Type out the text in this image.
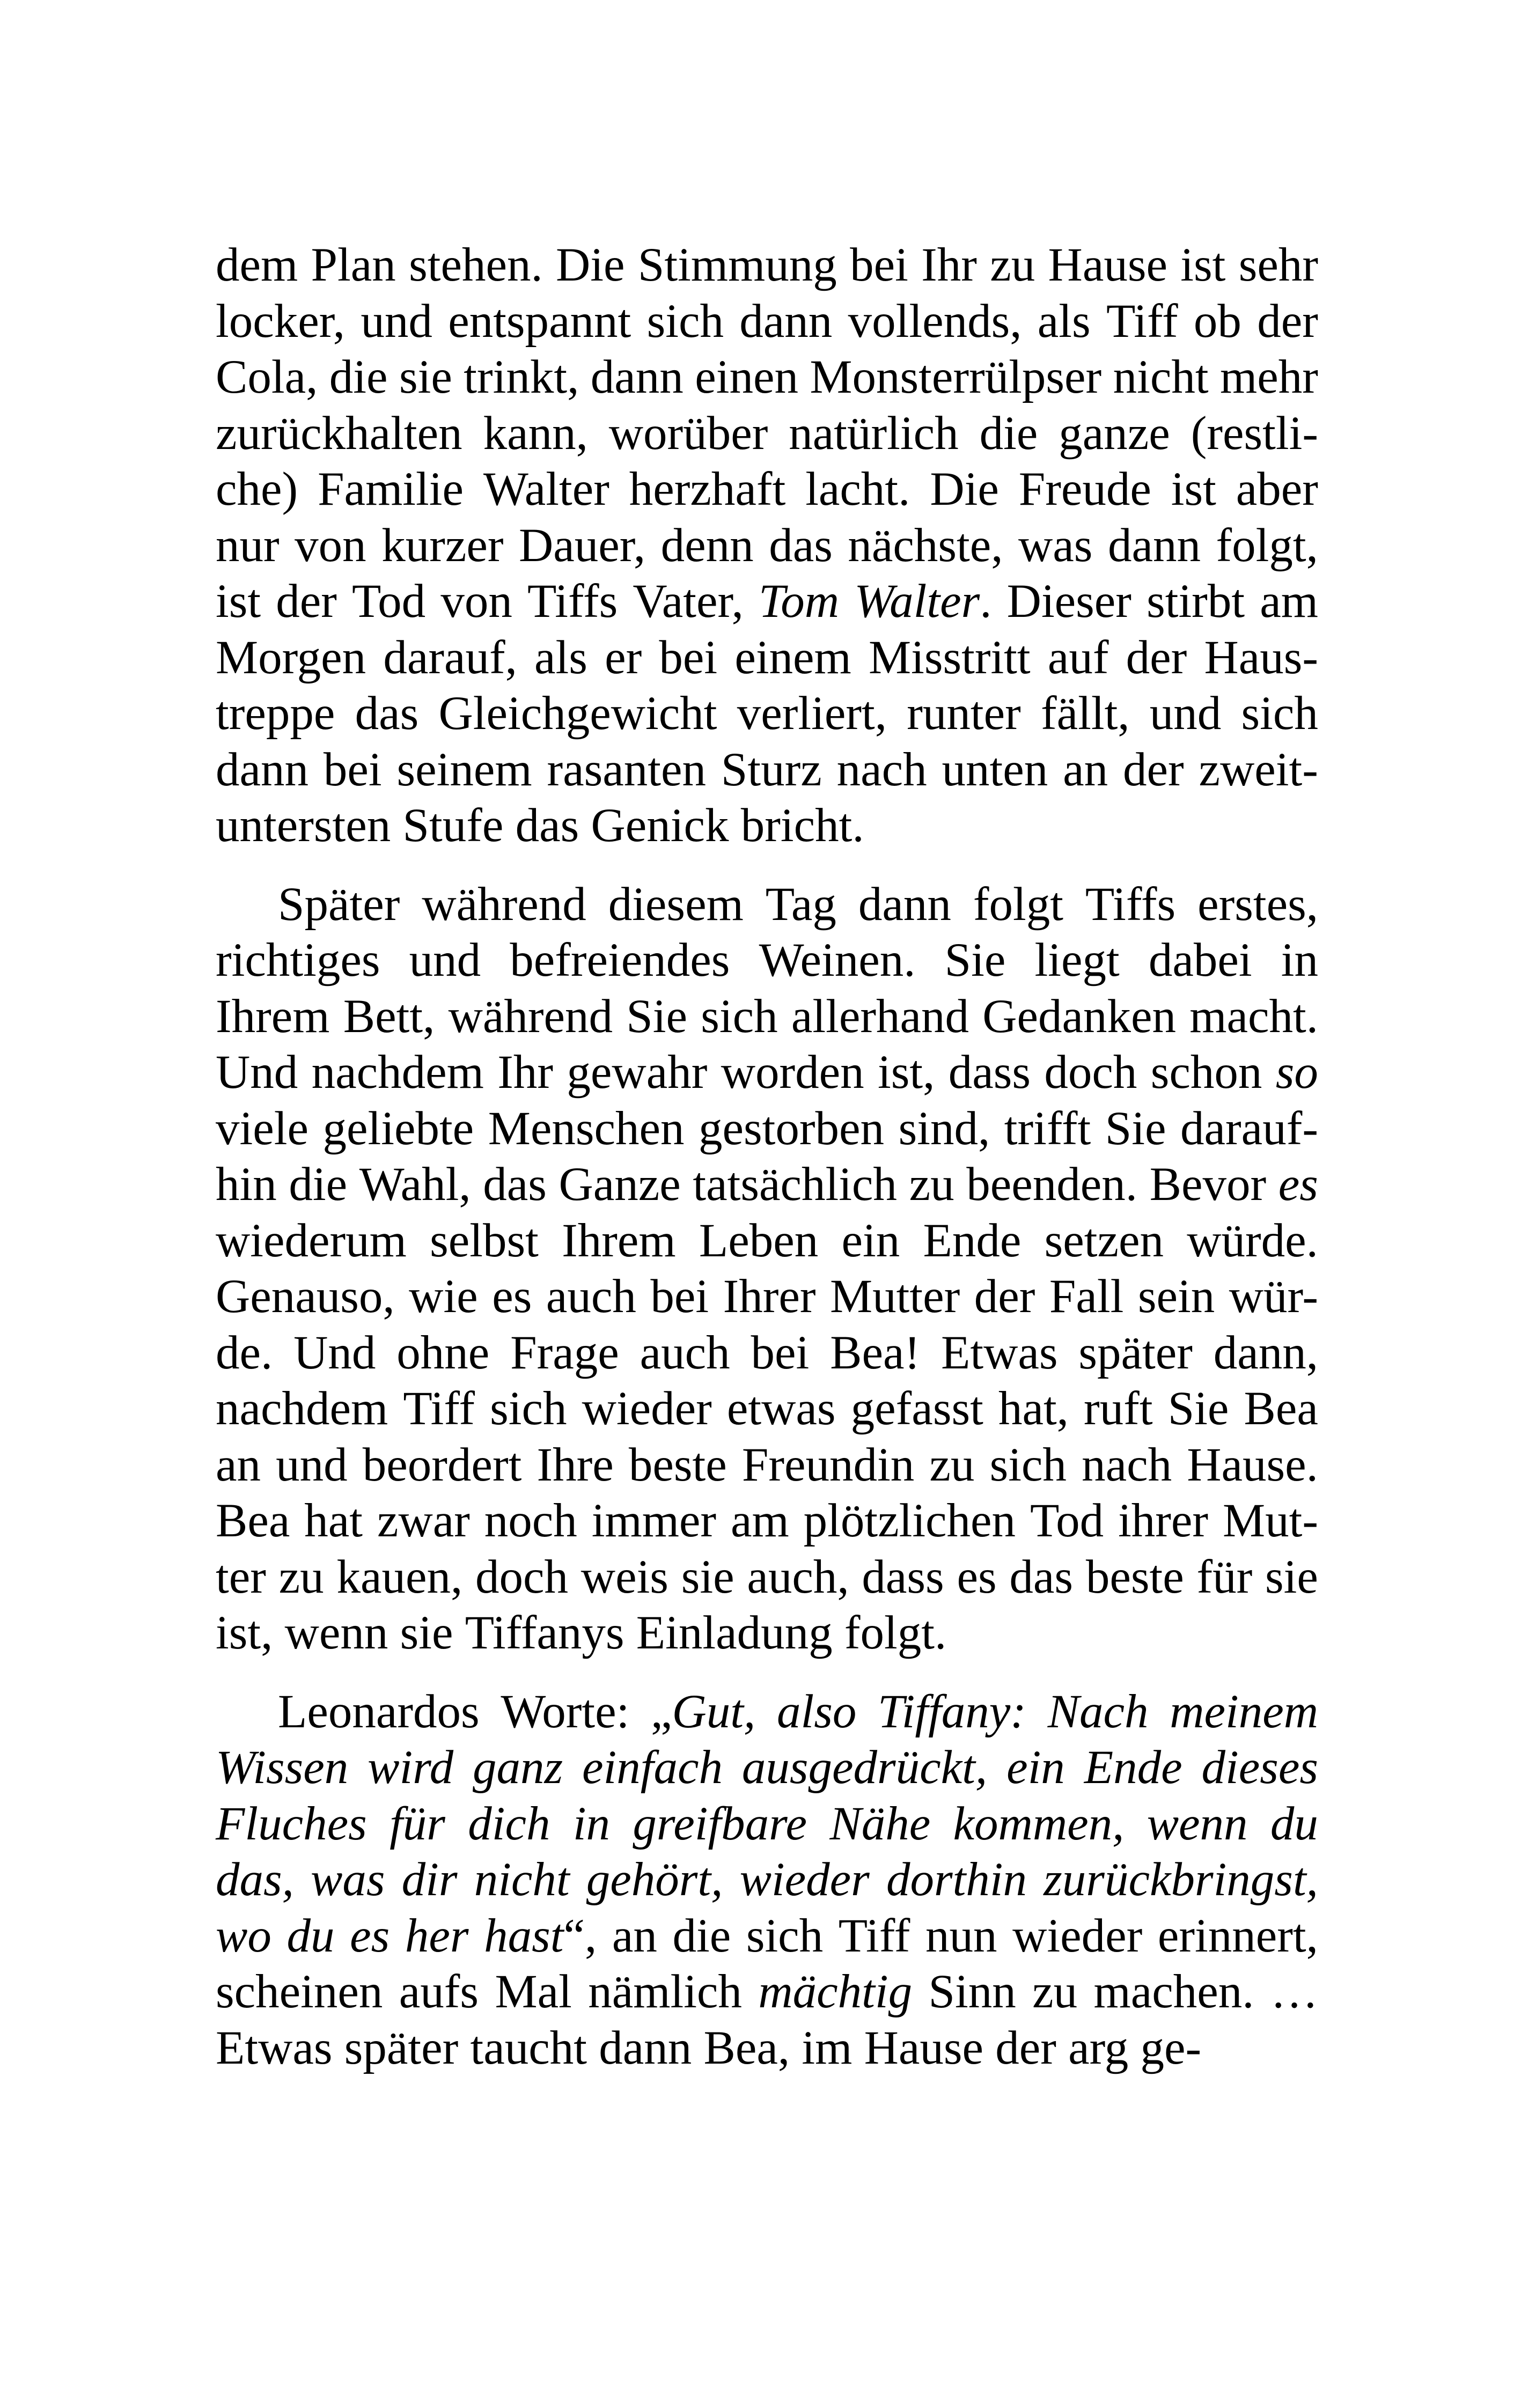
dem Plan stehen. Die Stimmung bei Ihr zu Hause ist sehr
locker, und entspannt sich dann vollends, als Tiff ob der
Cola, die sie trinkt, dann einen Monsterrülpser nicht mehr
zurückhalten kann, worüber natürlich die ganze (restli-
che) Familie Walter herzhaft lacht. Die Freude ist aber
nur von kurzer Dauer, denn das nächste, was dann folgt,
ist der Tod von Tiffs Vater, Tom Walter. Dieser stirbt am
Morgen darauf, als er bei einem Misstritt auf der Haus-
treppe das Gleichgewicht verliert, runter fällt, und sich
dann bei seinem rasanten Sturz nach unten an der zweit-
untersten Stufe das Genick bricht.
Später während diesem Tag dann folgt Tiffs erstes,
richtiges und befreiendes Weinen. Sie liegt dabei in
Ihrem Bett, während Sie sich allerhand Gedanken macht.
Und nachdem Ihr gewahr worden ist, dass doch schon so
viele geliebte Menschen gestorben sind, trifft Sie darauf-
hin die Wahl, das Ganze tatsächlich zu beenden. Bevor es
wiederum selbst Ihrem Leben ein Ende setzen würde.
Genauso, wie es auch bei Ihrer Mutter der Fall sein wür-
de. Und ohne Frage auch bei Bea! Etwas später dann,
nachdem Tiff sich wieder etwas gefasst hat, ruft Sie Bea
an und beordert Ihre beste Freundin zu sich nach Hause.
Bea hat zwar noch immer am plötzlichen Tod ihrer Mut-
ter zu kauen, doch weis sie auch, dass es das beste für sie
ist, wenn sie Tiffanys Einladung folgt.
Leonardos Worte: „Gut, also Tiffany: Nach meinem
Wissen wird ganz einfach ausgedrückt, ein Ende dieses
Fluches für dich in greifbare Nähe kommen, wenn du
das, was dir nicht gehört, wieder dorthin zurückbringst,
wo du es her hast“, an die sich Tiff nun wieder erinnert,
scheinen aufs Mal nämlich mächtig Sinn zu machen. …
Etwas später taucht dann Bea, im Hause der arg ge-
